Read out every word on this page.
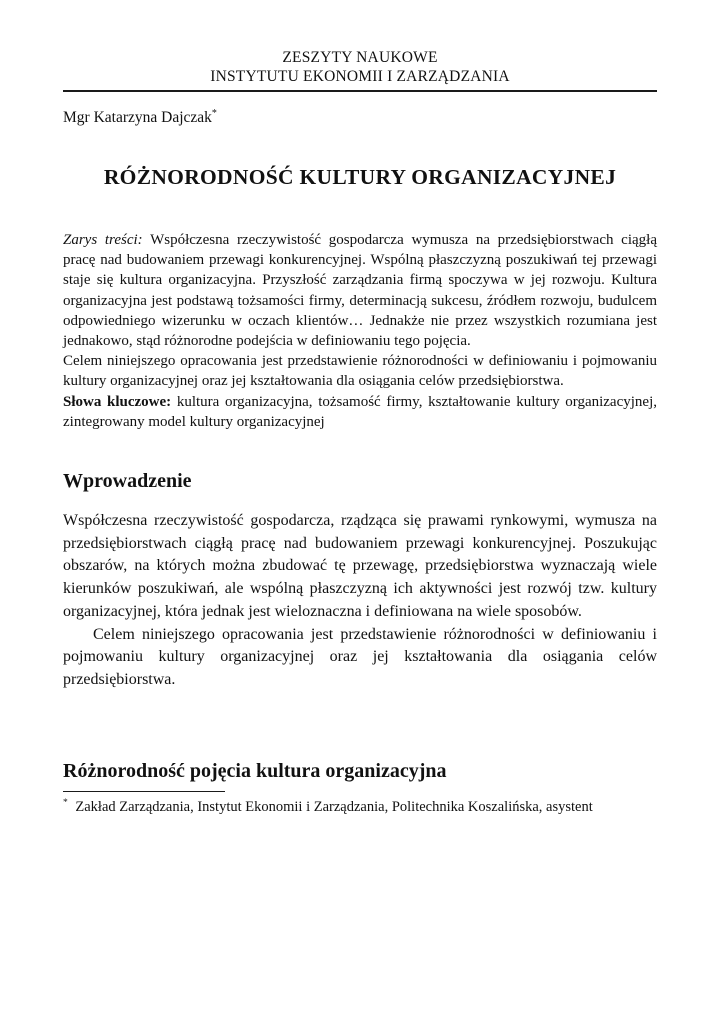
ZESZYTY NAUKOWE
INSTYTUTU EKONOMII I ZARZĄDZANIA
Mgr Katarzyna Dajczak*
RÓŻNORODNOŚĆ KULTURY ORGANIZACYJNEJ

Zarys treści: Współczesna rzeczywistość gospodarcza wymusza na przedsiębiorstwach ciągłą pracę nad budowaniem przewagi konkurencyjnej. Wspólną płaszczyzną poszukiwań tej przewagi staje się kultura organizacyjna. Przyszłość zarządzania firmą spoczywa w jej rozwoju. Kultura organizacyjna jest podstawą tożsamości firmy, determinacją sukcesu, źródłem rozwoju, budulcem odpowiedniego wizerunku w oczach klientów… Jednakże nie przez wszystkich rozumiana jest jednakowo, stąd różnorodne podejścia w definiowaniu tego pojęcia.

Celem niniejszego opracowania jest przedstawienie różnorodności w definiowaniu i pojmowaniu kultury organizacyjnej oraz jej kształtowania dla osiągania celów przedsiębiorstwa.

Słowa kluczowe: kultura organizacyjna, tożsamość firmy, kształtowanie kultury organizacyjnej, zintegrowany model kultury organizacyjnej

Wprowadzenie

Współczesna rzeczywistość gospodarcza, rządząca się prawami rynkowymi, wymusza na przedsiębiorstwach ciągłą pracę nad budowaniem przewagi konkurencyjnej. Poszukując obszarów, na których można zbudować tę przewagę, przedsiębiorstwa wyznaczają wiele kierunków poszukiwań, ale wspólną płaszczyzną ich aktywności jest rozwój tzw. kultury organizacyjnej, która jednak jest wieloznaczna i definiowana na wiele sposobów.

Celem niniejszego opracowania jest przedstawienie różnorodności w definiowaniu i pojmowaniu kultury organizacyjnej oraz jej kształtowania dla osiągania celów przedsiębiorstwa.

Różnorodność pojęcia kultura organizacyjna
* Zakład Zarządzania, Instytut Ekonomii i Zarządzania, Politechnika Koszalińska, asystent
